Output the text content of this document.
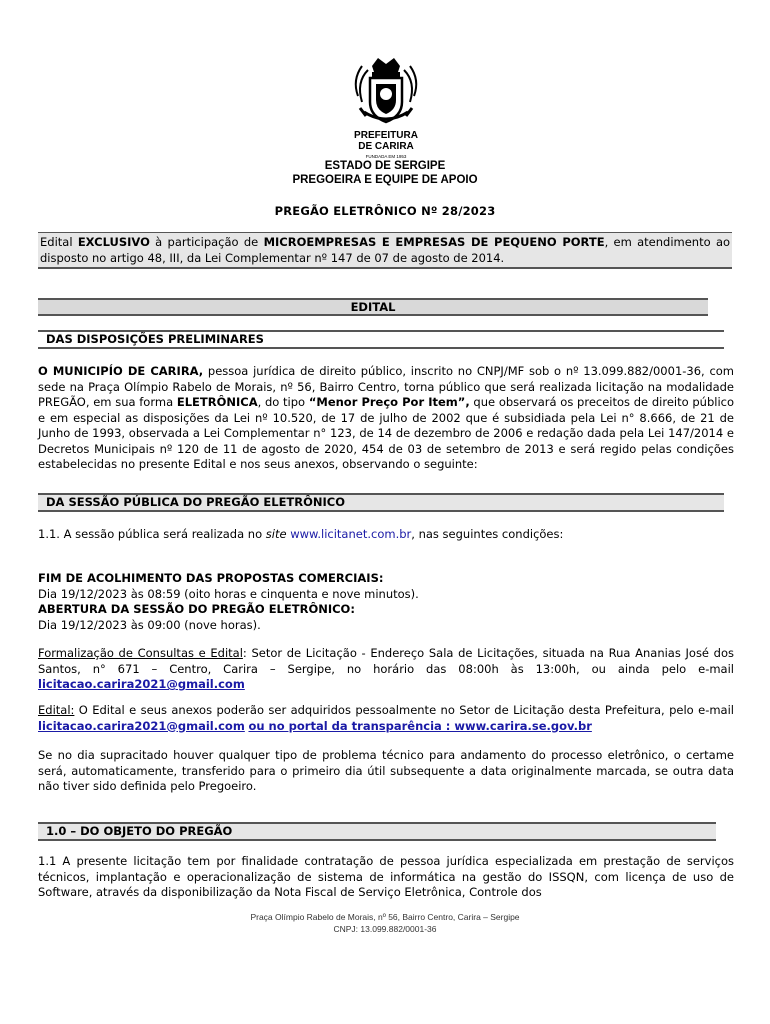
PREFEITURA
DE CARIRA
FUNDADA EM 1953
ESTADO DE SERGIPE
PREGOEIRA E EQUIPE DE APOIO
PREGÃO ELETRÔNICO Nº 28/2023

Edital EXCLUSIVO à participação de MICROEMPRESAS E EMPRESAS DE PEQUENO PORTE, em atendimento ao disposto no artigo 48, III, da Lei Complementar nº 147 de 07 de agosto de 2014.

EDITAL
DAS DISPOSIÇÕES PRELIMINARES

O MUNICIPÍO DE CARIRA, pessoa jurídica de direito público, inscrito no CNPJ/MF sob o nº 13.099.882/0001-36, com sede na Praça Olímpio Rabelo de Morais, nº 56, Bairro Centro, torna público que será realizada licitação na modalidade PREGÃO, em sua forma ELETRÔNICA, do tipo “Menor Preço Por Item”, que observará os preceitos de direito público e em especial as disposições da Lei nº 10.520, de 17 de julho de 2002 que é subsidiada pela Lei n° 8.666, de 21 de Junho de 1993, observada a Lei Complementar n° 123, de 14 de dezembro de 2006 e redação dada pela Lei 147/2014 e Decretos Municipais nº 120 de 11 de agosto de 2020, 454 de 03 de setembro de 2013 e será regido pelas condições estabelecidas no presente Edital e nos seus anexos, observando o seguinte:

DA SESSÃO PÚBLICA DO PREGÃO ELETRÔNICO

1.1. A sessão pública será realizada no site www.licitanet.com.br, nas seguintes condições:

FIM DE ACOLHIMENTO DAS PROPOSTAS COMERCIAIS:
Dia 19/12/2023 às 08:59 (oito horas e cinquenta e nove minutos).
ABERTURA DA SESSÃO DO PREGÃO ELETRÔNICO:
Dia 19/12/2023 às 09:00 (nove horas).

Formalização de Consultas e Edital: Setor de Licitação - Endereço Sala de Licitações, situada na Rua Ananias José dos Santos, n° 671 – Centro, Carira – Sergipe, no horário das 08:00h às 13:00h, ou ainda pelo e-mail licitacao.carira2021@gmail.com

Edital: O Edital e seus anexos poderão ser adquiridos pessoalmente no Setor de Licitação desta Prefeitura, pelo e-mail licitacao.carira2021@gmail.com ou no portal da transparência : www.carira.se.gov.br

Se no dia supracitado houver qualquer tipo de problema técnico para andamento do processo eletrônico, o certame será, automaticamente, transferido para o primeiro dia útil subsequente a data originalmente marcada, se outra data não tiver sido definida pelo Pregoeiro.

1.0 – DO OBJETO DO PREGÃO

1.1 A presente licitação tem por finalidade contratação de pessoa jurídica especializada em prestação de serviços técnicos, implantação e operacionalização de sistema de informática na gestão do ISSQN, com licença de uso de Software, através da disponibilização da Nota Fiscal de Serviço Eletrônica, Controle dos

Praça Olímpio Rabelo de Morais, nº 56, Bairro Centro, Carira – Sergipe
CNPJ: 13.099.882/0001-36
